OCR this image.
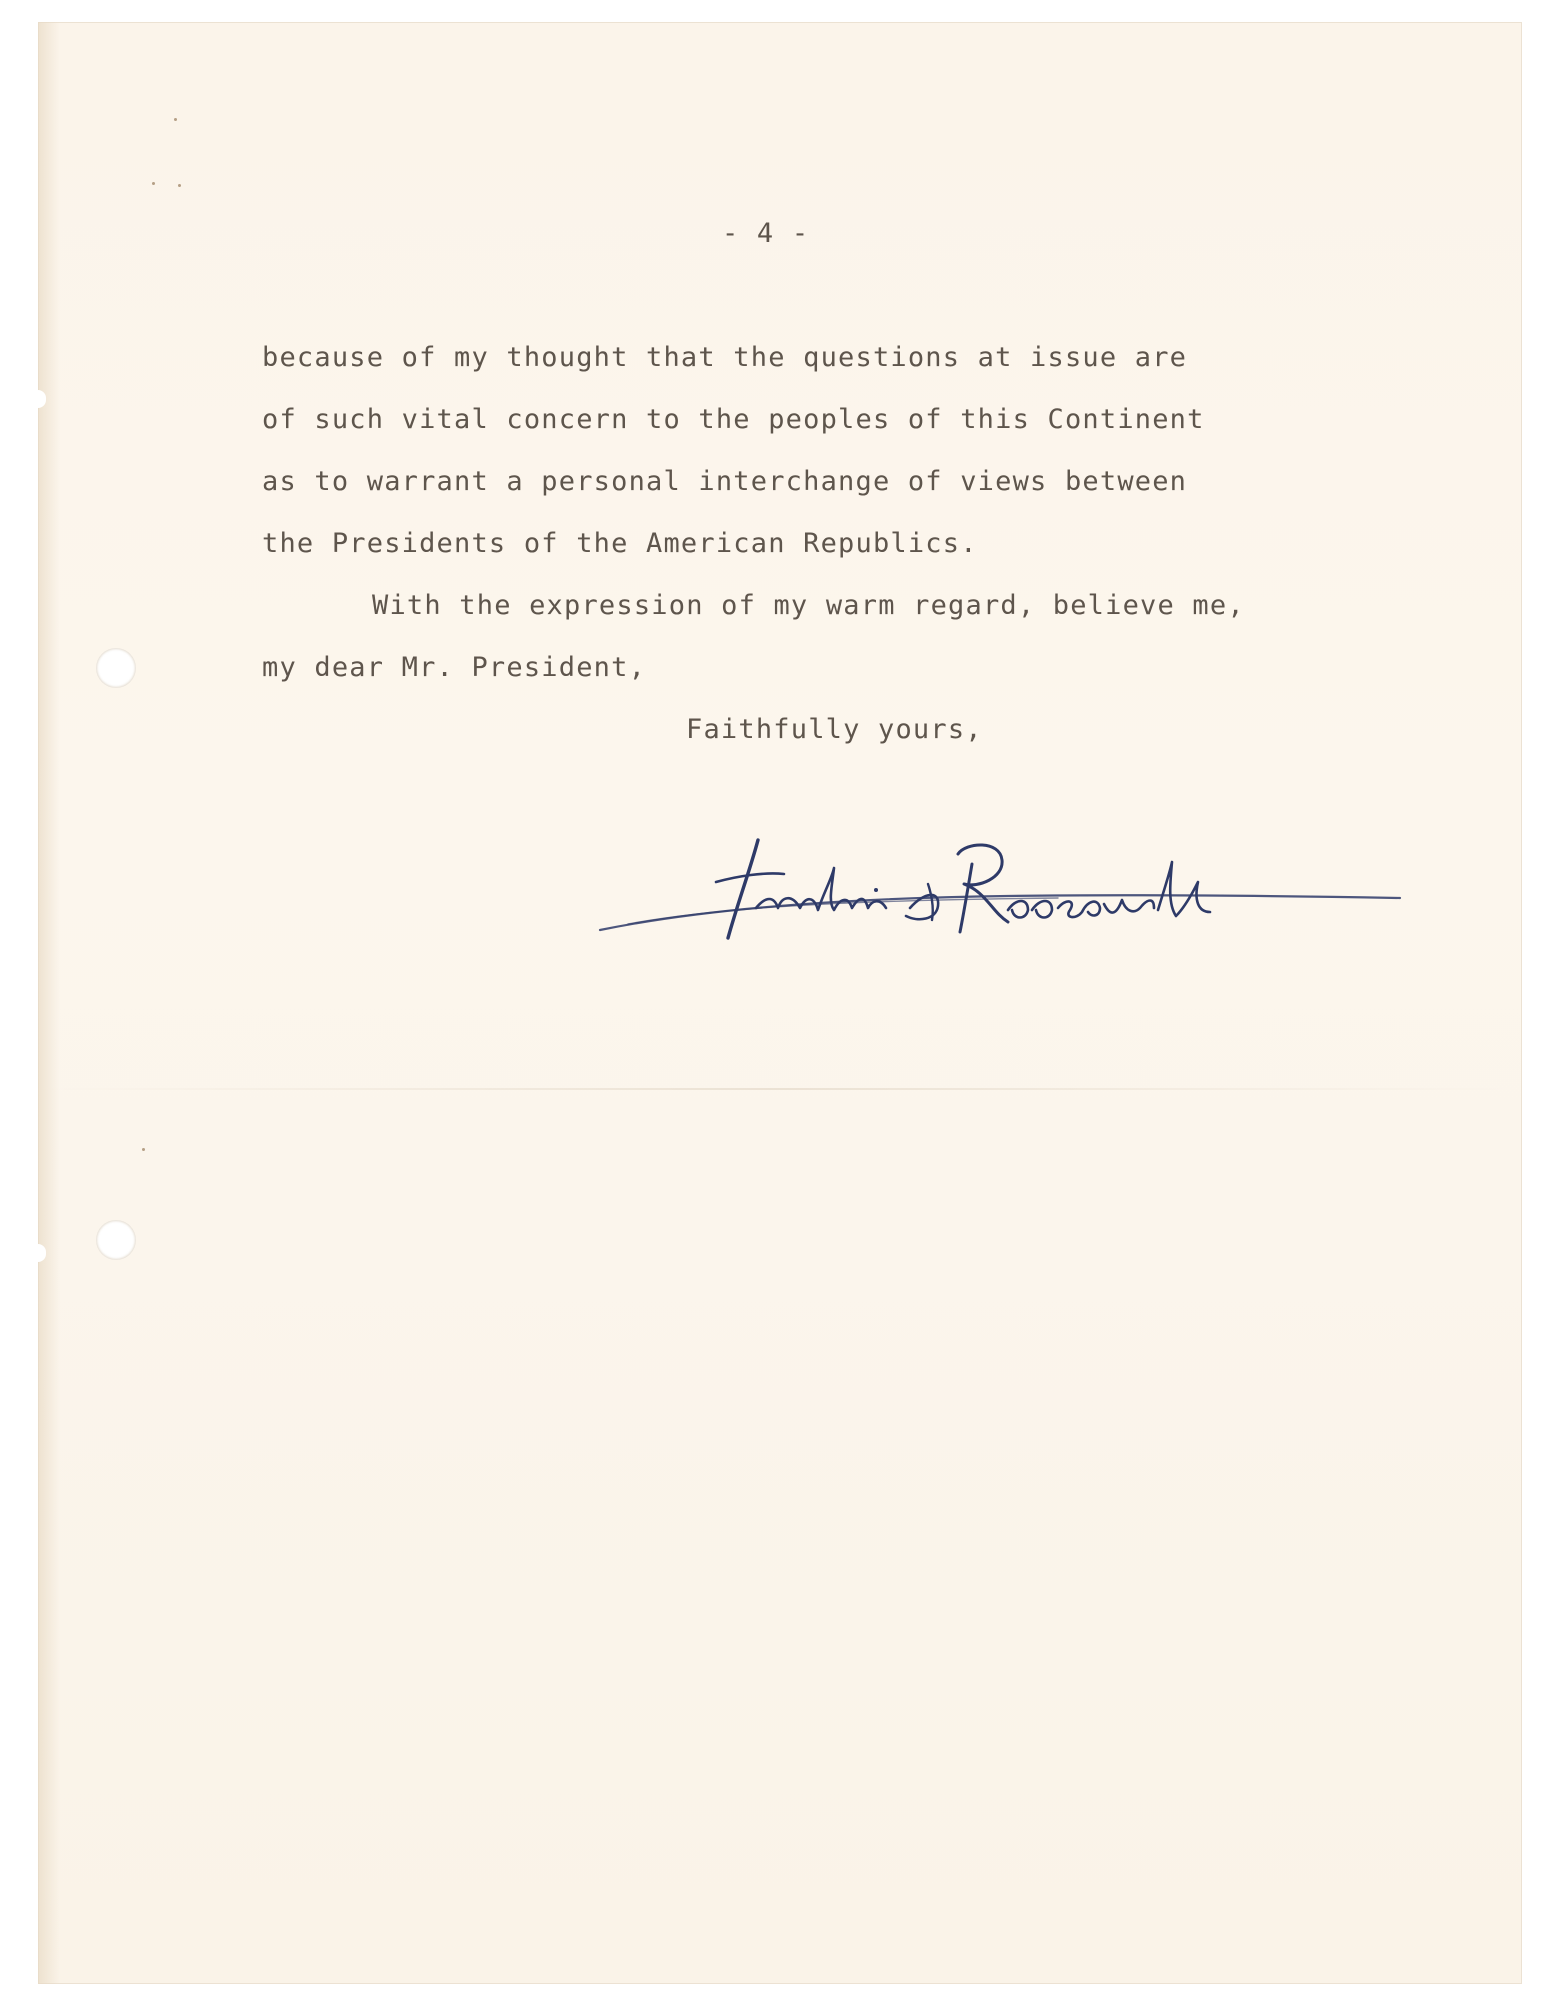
- 4 -

because of my thought that the questions at issue are

of such vital concern to the peoples of this Continent

as to warrant a personal interchange of views between

the Presidents of the American Republics.

With the expression of my warm regard, believe me,

my dear Mr. President,

Faithfully yours,
